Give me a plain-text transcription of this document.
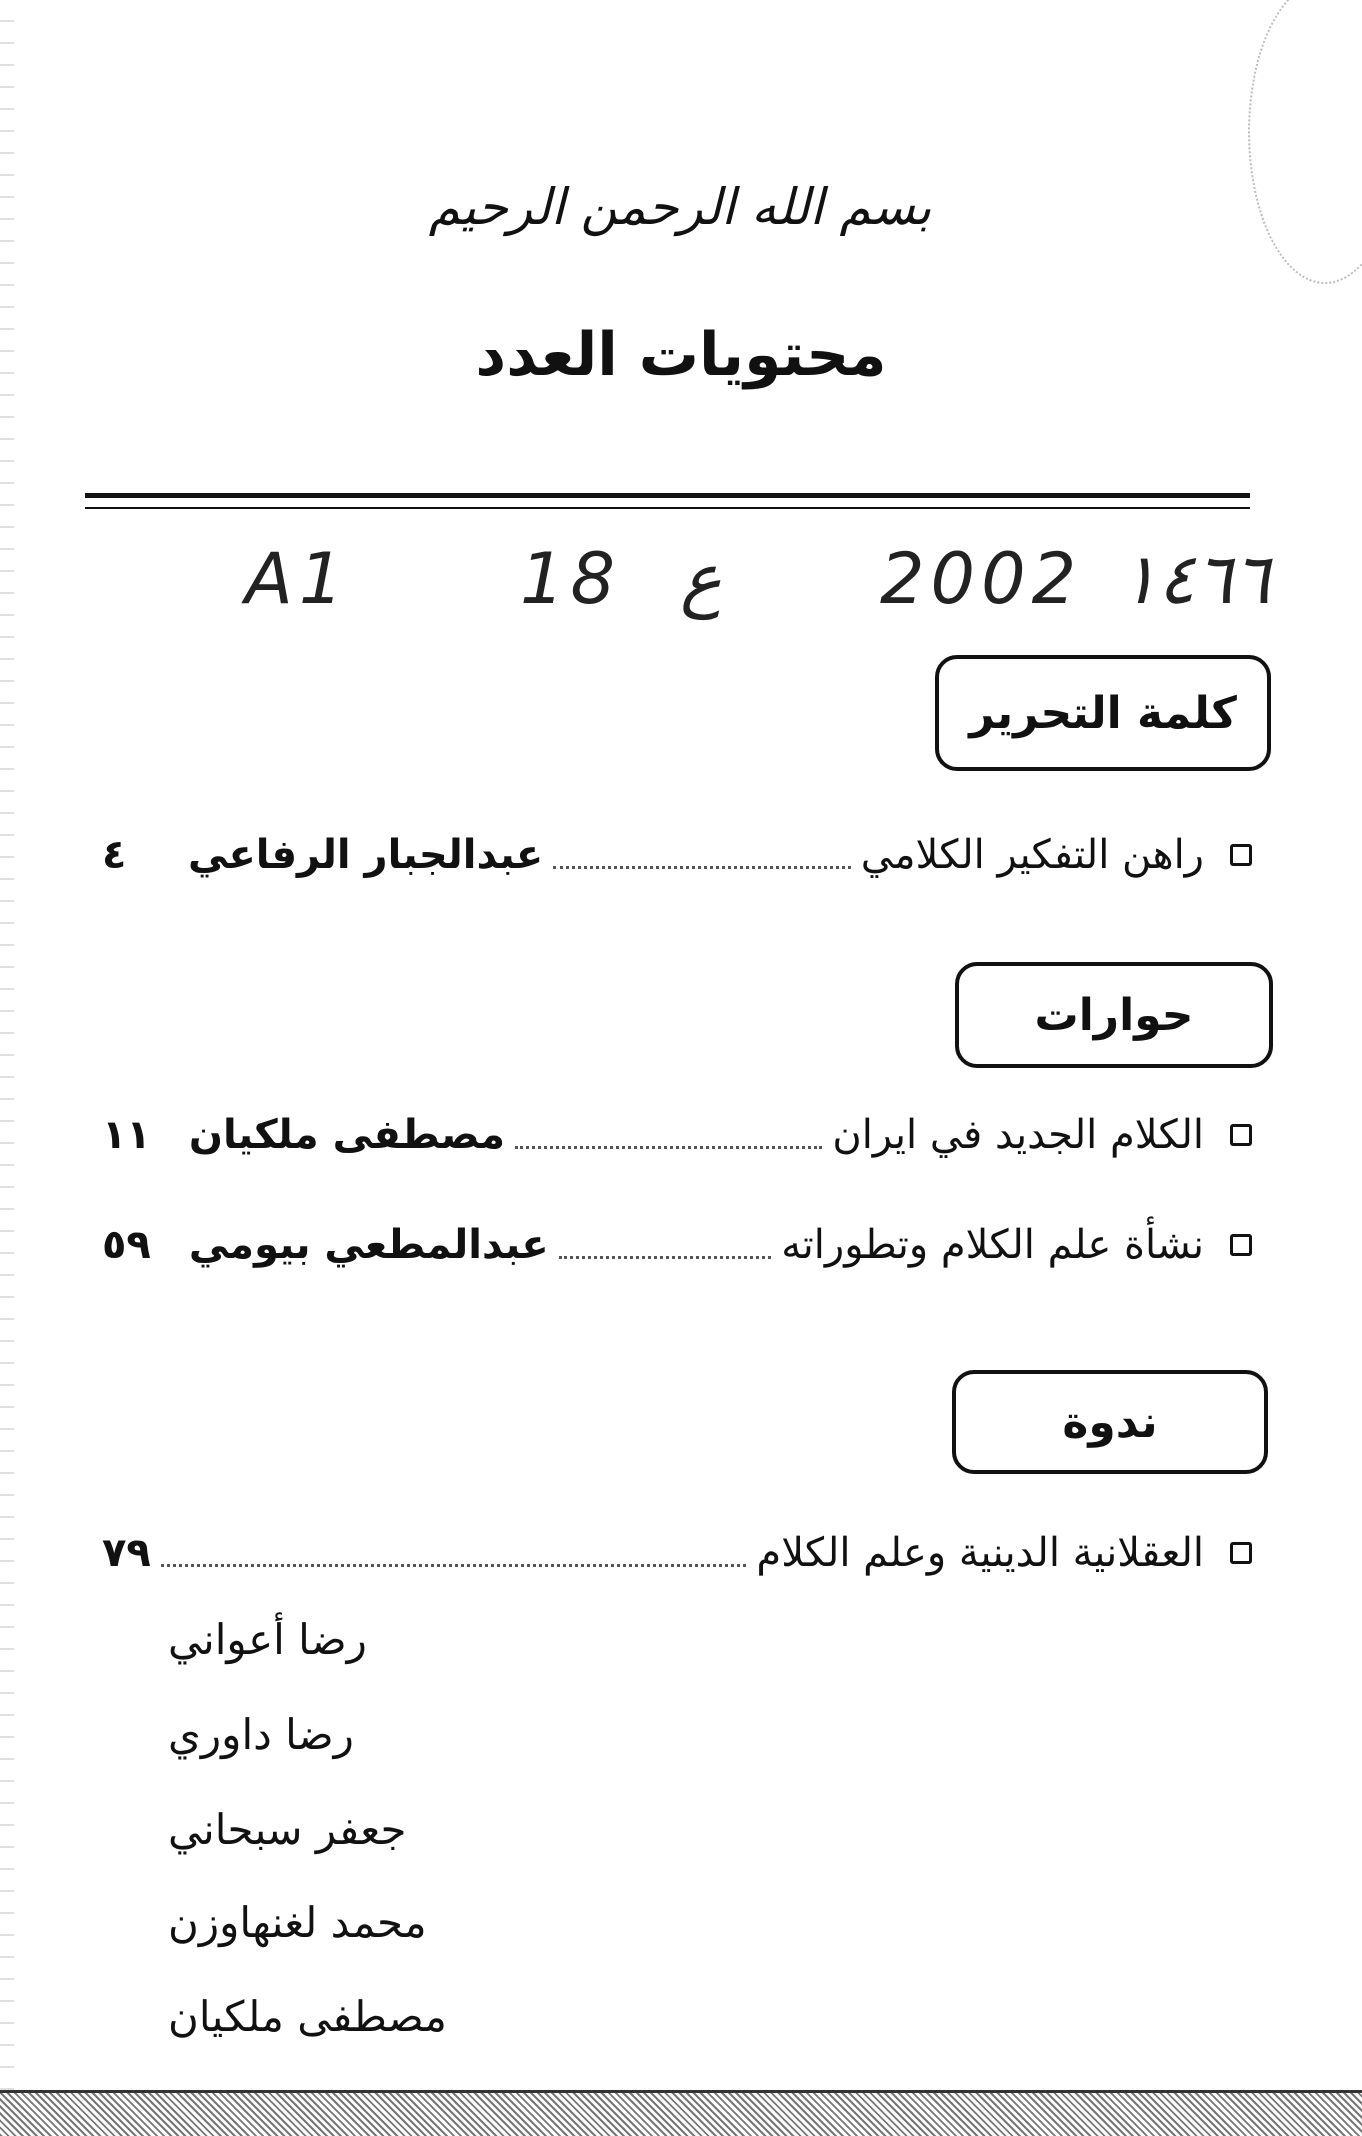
بسم الله الرحمن الرحيم
محتويات العدد
A1 18 ع 2002 ١٤٦٦
كلمة التحرير
راهن التفكير الكلامي
عبدالجبار الرفاعي
٤
حوارات
الكلام الجديد في ايران
مصطفى ملكيان
١١
نشأة علم الكلام وتطوراته
عبدالمطعي بيومي
٥٩
ندوة
العقلانية الدينية وعلم الكلام
٧٩
رضا أعواني
رضا داوري
جعفر سبحاني
محمد لغنهاوزن
مصطفى ملكيان
